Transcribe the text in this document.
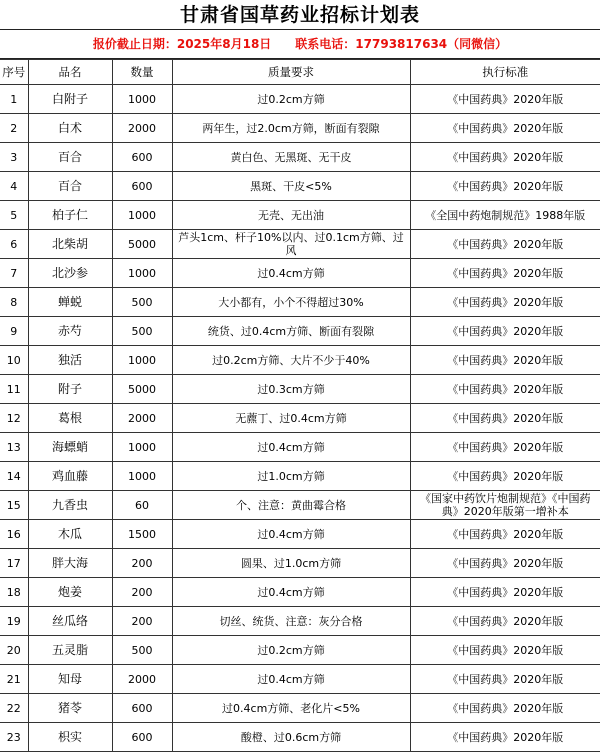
甘肃省国草药业招标计划表
报价截止日期：2025年8月18日 联系电话：17793817634（同微信）
序号	品名	数量	质量要求	执行标准
1	白附子	1000	过0.2cm方筛	《中国药典》2020年版
2	白术	2000	两年生，过2.0cm方筛，断面有裂隙	《中国药典》2020年版
3	百合	600	黄白色、无黑斑、无干皮	《中国药典》2020年版
4	百合	600	黑斑、干皮<5%	《中国药典》2020年版
5	柏子仁	1000	无壳、无出油	《全国中药炮制规范》1988年版
6	北柴胡	5000	芦头1cm、杆子10%以内、过0.1cm方筛、过风	《中国药典》2020年版
7	北沙参	1000	过0.4cm方筛	《中国药典》2020年版
8	蝉蜕	500	大小都有，小个不得超过30%	《中国药典》2020年版
9	赤芍	500	统货、过0.4cm方筛、断面有裂隙	《中国药典》2020年版
10	独活	1000	过0.2cm方筛、大片不少于40%	《中国药典》2020年版
11	附子	5000	过0.3cm方筛	《中国药典》2020年版
12	葛根	2000	无藨丁、过0.4cm方筛	《中国药典》2020年版
13	海螵蛸	1000	过0.4cm方筛	《中国药典》2020年版
14	鸡血藤	1000	过1.0cm方筛	《中国药典》2020年版
15	九香虫	60	个、注意：黄曲霉合格	《国家中药饮片炮制规范》《中国药典》2020年版第一增补本
16	木瓜	1500	过0.4cm方筛	《中国药典》2020年版
17	胖大海	200	圆果、过1.0cm方筛	《中国药典》2020年版
18	炮姜	200	过0.4cm方筛	《中国药典》2020年版
19	丝瓜络	200	切丝、统货、注意：灰分合格	《中国药典》2020年版
20	五灵脂	500	过0.2cm方筛	《中国药典》2020年版
21	知母	2000	过0.4cm方筛	《中国药典》2020年版
22	猪苓	600	过0.4cm方筛、老化片<5%	《中国药典》2020年版
23	枳实	600	酸橙、过0.6cm方筛	《中国药典》2020年版
